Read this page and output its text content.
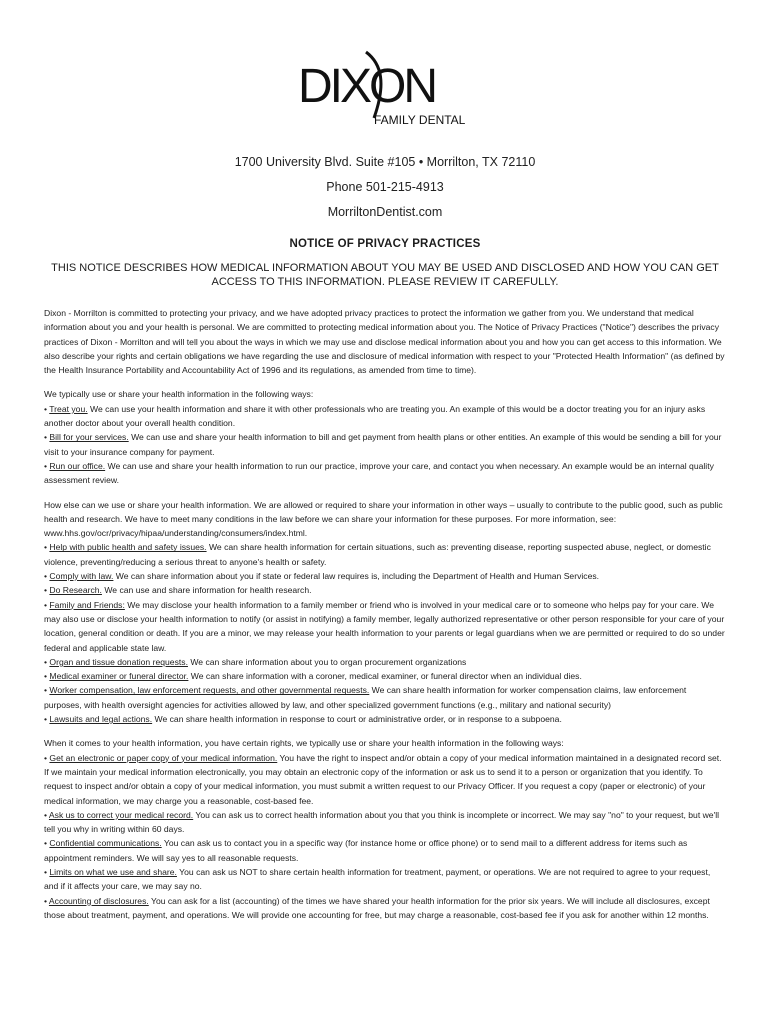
DIXON
FAMILY DENTAL
1700 University Blvd. Suite #105 • Morrilton, TX 72110
Phone 501-215-4913
MorriltonDentist.com
NOTICE OF PRIVACY PRACTICES
THIS NOTICE DESCRIBES HOW MEDICAL INFORMATION ABOUT YOU MAY BE USED AND DISCLOSED AND HOW YOU CAN GET ACCESS TO THIS INFORMATION. PLEASE REVIEW IT CAREFULLY.

Dixon - Morrilton is committed to protecting your privacy, and we have adopted privacy practices to protect the information we gather from you. We understand that medical information about you and your health is personal. We are committed to protecting medical information about you. The Notice of Privacy Practices ("Notice") describes the privacy practices of Dixon - Morrilton and will tell you about the ways in which we may use and disclose medical information about you and how you can get access to this information. We also describe your rights and certain obligations we have regarding the use and disclosure of medical information with respect to your "Protected Health Information" (as defined by the Health Insurance Portability and Accountability Act of 1996 and its regulations, as amended from time to time).

We typically use or share your health information in the following ways:
• Treat you. We can use your health information and share it with other professionals who are treating you. An example of this would be a doctor treating you for an injury asks another doctor about your overall health condition.
• Bill for your services. We can use and share your health information to bill and get payment from health plans or other entities. An example of this would be sending a bill for your visit to your insurance company for payment.
• Run our office. We can use and share your health information to run our practice, improve your care, and contact you when necessary. An example would be an internal quality assessment review.

How else can we use or share your health information. We are allowed or required to share your information in other ways – usually to contribute to the public good, such as public health and research. We have to meet many conditions in the law before we can share your information for these purposes. For more information, see: www.hhs.gov/ocr/privacy/hipaa/understanding/consumers/index.html.
• Help with public health and safety issues. We can share health information for certain situations, such as: preventing disease, reporting suspected abuse, neglect, or domestic violence, preventing/reducing a serious threat to anyone's health or safety.
• Comply with law. We can share information about you if state or federal law requires is, including the Department of Health and Human Services.
• Do Research. We can use and share information for health research.
• Family and Friends: We may disclose your health information to a family member or friend who is involved in your medical care or to someone who helps pay for your care. We may also use or disclose your health information to notify (or assist in notifying) a family member, legally authorized representative or other person responsible for your care of your location, general condition or death. If you are a minor, we may release your health information to your parents or legal guardians when we are permitted or required to do so under federal and applicable state law.
• Organ and tissue donation requests. We can share information about you to organ procurement organizations
• Medical examiner or funeral director. We can share information with a coroner, medical examiner, or funeral director when an individual dies.
• Worker compensation, law enforcement requests, and other governmental requests. We can share health information for worker compensation claims, law enforcement purposes, with health oversight agencies for activities allowed by law, and other specialized government functions (e.g., military and national security)
• Lawsuits and legal actions. We can share health information in response to court or administrative order, or in response to a subpoena.

When it comes to your health information, you have certain rights, we typically use or share your health information in the following ways:
• Get an electronic or paper copy of your medical information. You have the right to inspect and/or obtain a copy of your medical information maintained in a designated record set. If we maintain your medical information electronically, you may obtain an electronic copy of the information or ask us to send it to a person or organization that you identify. To request to inspect and/or obtain a copy of your medical information, you must submit a written request to our Privacy Officer. If you request a copy (paper or electronic) of your medical information, we may charge you a reasonable, cost-based fee.
• Ask us to correct your medical record. You can ask us to correct health information about you that you think is incomplete or incorrect. We may say "no" to your request, but we'll tell you why in writing within 60 days.
• Confidential communications. You can ask us to contact you in a specific way (for instance home or office phone) or to send mail to a different address for items such as appointment reminders. We will say yes to all reasonable requests.
• Limits on what we use and share. You can ask us NOT to share certain health information for treatment, payment, or operations. We are not required to agree to your request, and if it affects your care, we may say no.
• Accounting of disclosures. You can ask for a list (accounting) of the times we have shared your health information for the prior six years. We will include all disclosures, except those about treatment, payment, and operations. We will provide one accounting for free, but may charge a reasonable, cost-based fee if you ask for another within 12 months.
